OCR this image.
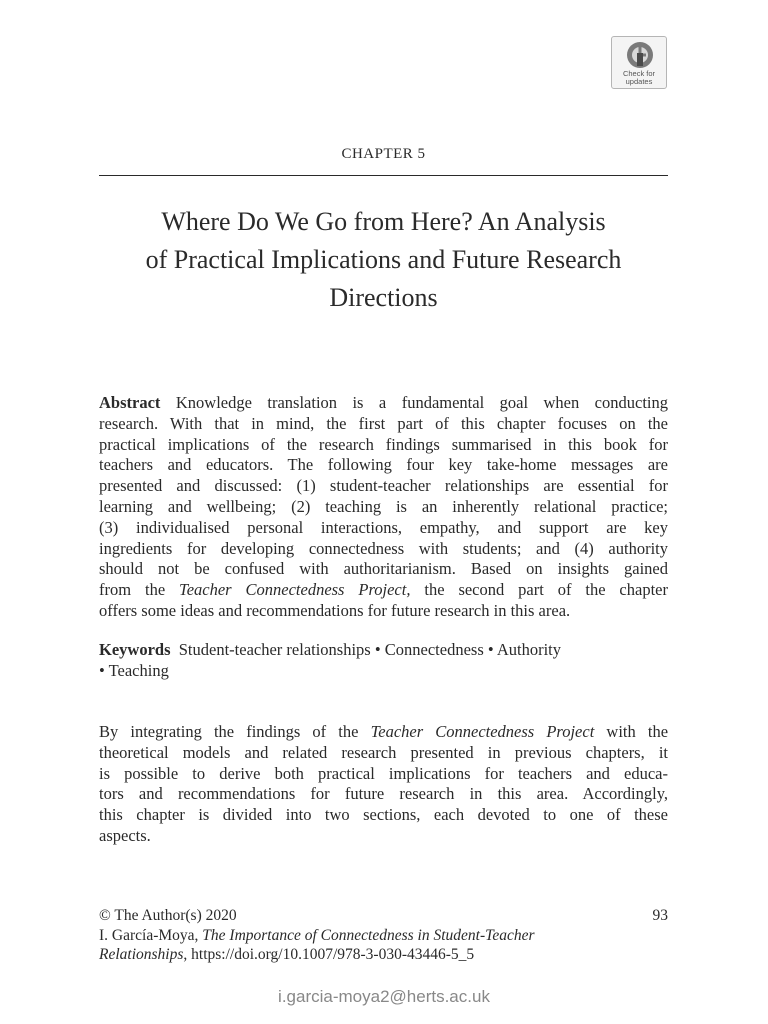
Check for
updates
CHAPTER 5
Where Do We Go from Here? An Analysis
of Practical Implications and Future Research
Directions
Abstract Knowledge translation is a fundamental goal when conducting
research. With that in mind, the first part of this chapter focuses on the
practical implications of the research findings summarised in this book for
teachers and educators. The following four key take-home messages are
presented and discussed: (1) student-teacher relationships are essential for
learning and wellbeing; (2) teaching is an inherently relational practice;
(3) individualised personal interactions, empathy, and support are key
ingredients for developing connectedness with students; and (4) authority
should not be confused with authoritarianism. Based on insights gained
from the Teacher Connectedness Project, the second part of the chapter
offers some ideas and recommendations for future research in this area.
Keywords Student-teacher relationships • Connectedness • Authority
• Teaching
By integrating the findings of the Teacher Connectedness Project with the
theoretical models and related research presented in previous chapters, it
is possible to derive both practical implications for teachers and educa-
tors and recommendations for future research in this area. Accordingly,
this chapter is divided into two sections, each devoted to one of these
aspects.
© The Author(s) 2020	93
I. García-Moya, The Importance of Connectedness in Student-Teacher
Relationships, https://doi.org/10.1007/978-3-030-43446-5_5
i.garcia-moya2@herts.ac.uk
